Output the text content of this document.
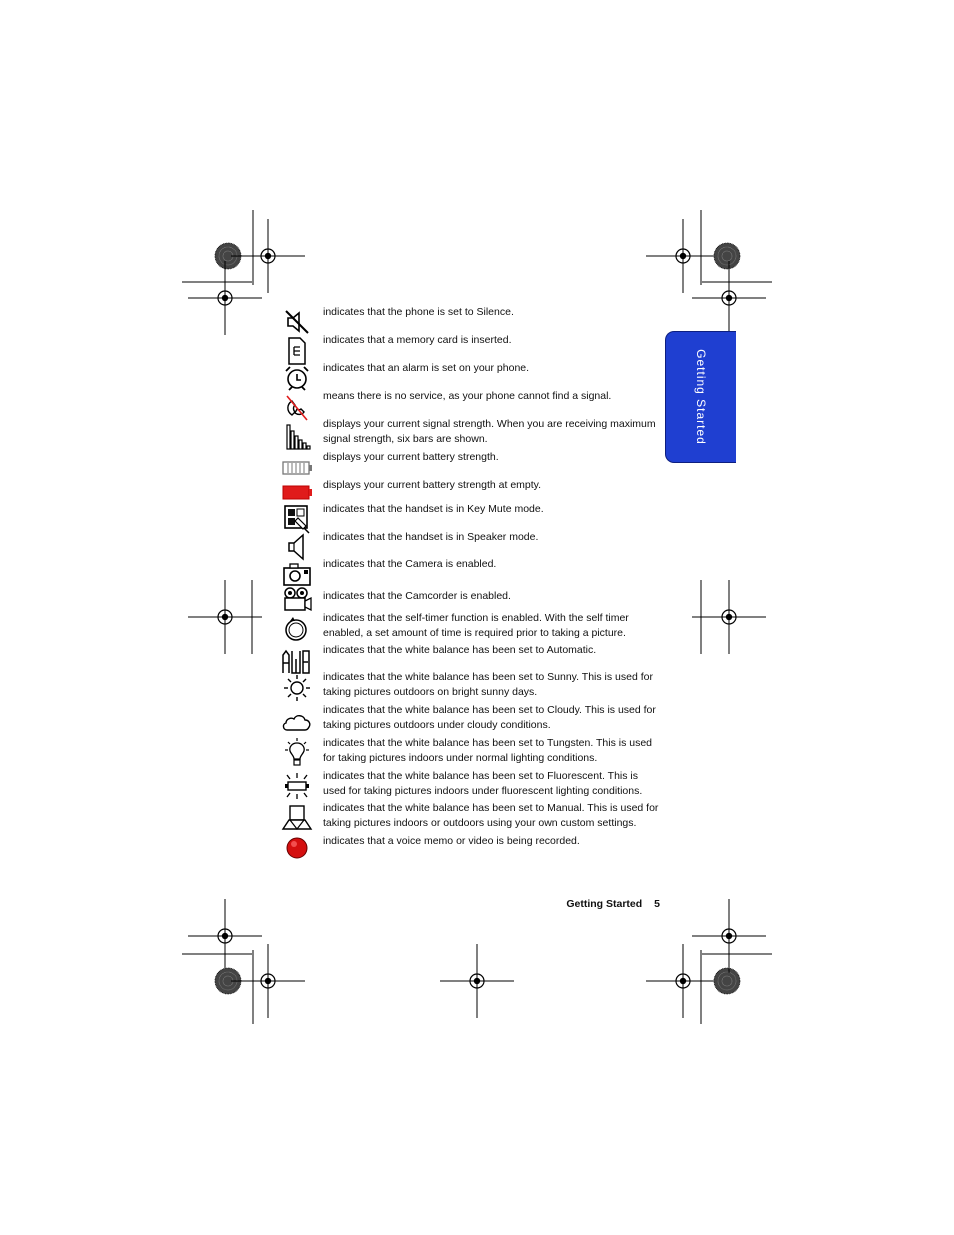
Getting Started
indicates that the phone is set to Silence.
indicates that a memory card is inserted.
indicates that an alarm is set on your phone.
means there is no service, as your phone cannot find a signal.
displays your current signal strength. When you are receiving maximum signal strength, six bars are shown.
displays your current battery strength.
displays your current battery strength at empty.
indicates that the handset is in Key Mute mode.
indicates that the handset is in Speaker mode.
indicates that the Camera is enabled.
indicates that the Camcorder is enabled.
indicates that the self-timer function is enabled. With the self timer enabled, a set amount of time is required prior to taking a picture.
indicates that the white balance has been set to Automatic.
indicates that the white balance has been set to Sunny. This is used for taking pictures outdoors on bright sunny days.
indicates that the white balance has been set to Cloudy. This is used for taking pictures outdoors under cloudy conditions.
indicates that the white balance has been set to Tungsten. This is used for taking pictures indoors under normal lighting conditions.
indicates that the white balance has been set to Fluorescent. This is used for taking pictures indoors under fluorescent lighting conditions.
indicates that the white balance has been set to Manual. This is used for taking pictures indoors or outdoors using your own custom settings.
indicates that a voice memo or video is being recorded.
Getting Started 5
